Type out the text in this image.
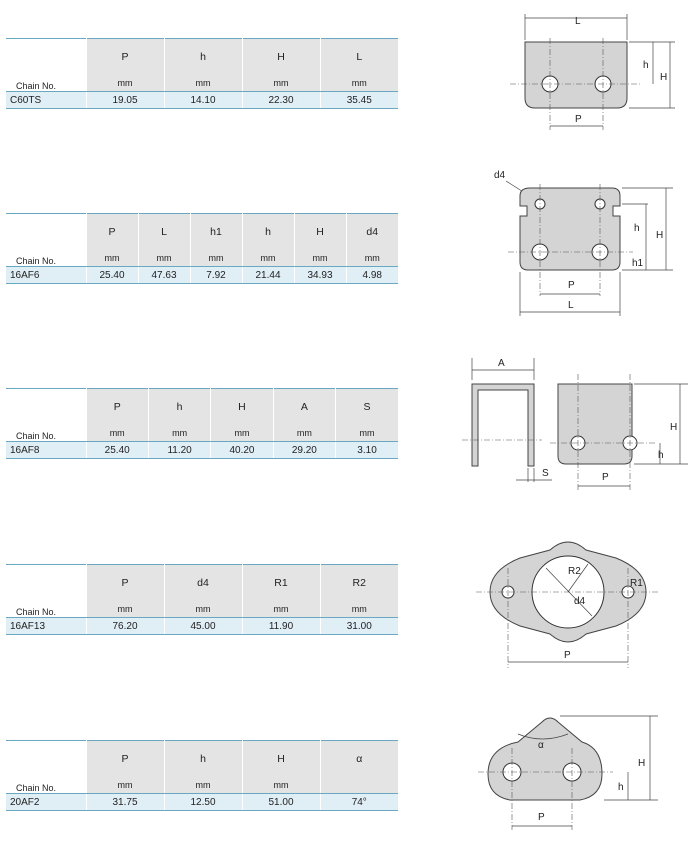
	P	h	H	L
Chain No.	mm	mm	mm	mm
C60TS	19.05	14.10	22.30	35.45
L
h
H
P
	P	L	h1	h	H	d4
Chain No.	mm	mm	mm	mm	mm	mm
16AF6	25.40	47.63	7.92	21.44	34.93	4.98
d4
h
H
h1
P
L
	P	h	H	A	S
Chain No.	mm	mm	mm	mm	mm
16AF8	25.40	11.20	40.20	29.20	3.10
A
S
H
h
P
	P	d4	R1	R2
Chain No.	mm	mm	mm	mm
16AF13	76.20	45.00	11.90	31.00
R2
d4
R1
P
	P	h	H	α
Chain No.	mm	mm	mm	
20AF2	31.75	12.50	51.00	74°
α
H
h
P
